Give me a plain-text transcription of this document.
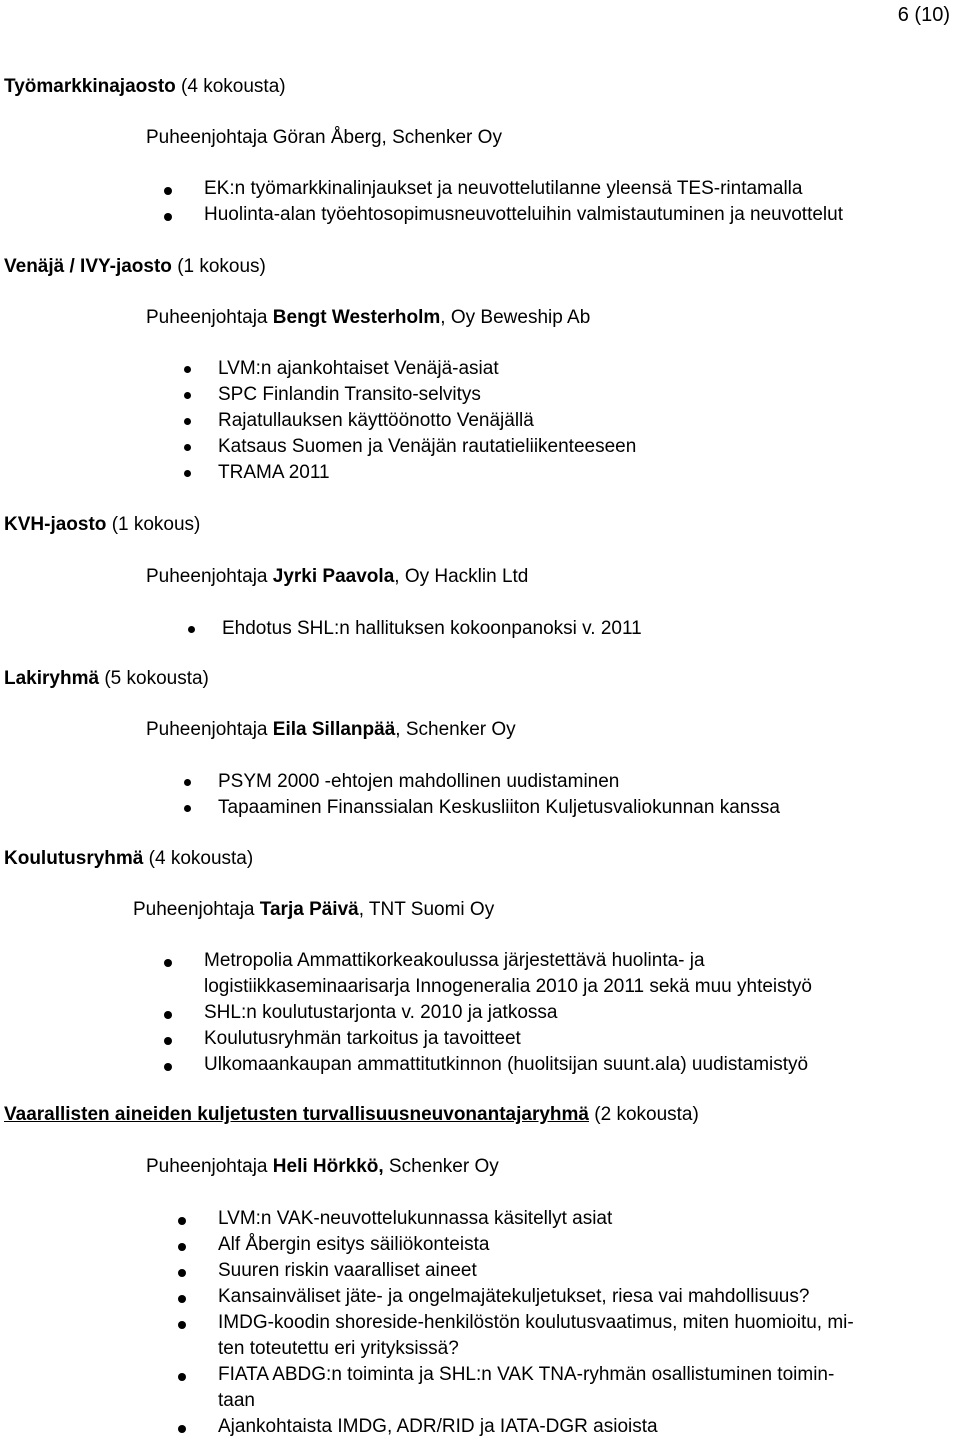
6 (10)
Työmarkkinajaosto (4 kokousta)
Puheenjohtaja Göran Åberg, Schenker Oy
EK:n työmarkkinalinjaukset ja neuvottelutilanne yleensä TES-rintamalla
Huolinta-alan työehtosopimusneuvotteluihin valmistautuminen ja neuvottelut
Venäjä / IVY-jaosto (1 kokous)
Puheenjohtaja Bengt Westerholm, Oy Beweship Ab
LVM:n ajankohtaiset Venäjä-asiat
SPC Finlandin Transito-selvitys
Rajatullauksen käyttöönotto Venäjällä
Katsaus Suomen ja Venäjän rautatieliikenteeseen
TRAMA 2011
KVH-jaosto (1 kokous)
Puheenjohtaja Jyrki Paavola, Oy Hacklin Ltd
Ehdotus SHL:n hallituksen kokoonpanoksi v. 2011
Lakiryhmä (5 kokousta)
Puheenjohtaja Eila Sillanpää, Schenker Oy
PSYM 2000 -ehtojen mahdollinen uudistaminen
Tapaaminen Finanssialan Keskusliiton Kuljetusvaliokunnan kanssa
Koulutusryhmä (4 kokousta)
Puheenjohtaja Tarja Päivä, TNT Suomi Oy
Metropolia Ammattikorkeakoulussa järjestettävä huolinta- ja
logistiikkaseminaarisarja Innogeneralia 2010 ja 2011 sekä muu yhteistyö
SHL:n koulutustarjonta v. 2010 ja jatkossa
Koulutusryhmän tarkoitus ja tavoitteet
Ulkomaankaupan ammattitutkinnon (huolitsijan suunt.ala) uudistamistyö
Vaarallisten aineiden kuljetusten turvallisuusneuvonantajaryhmä (2 kokousta)
Puheenjohtaja Heli Hörkkö, Schenker Oy
LVM:n VAK-neuvottelukunnassa käsitellyt asiat
Alf Åbergin esitys säiliökonteista
Suuren riskin vaaralliset aineet
Kansainväliset jäte- ja ongelmajätekuljetukset, riesa vai mahdollisuus?
IMDG-koodin shoreside-henkilöstön koulutusvaatimus, miten huomioitu, mi-
ten toteutettu eri yrityksissä?
FIATA ABDG:n toiminta ja SHL:n VAK TNA-ryhmän osallistuminen toimin-
taan
Ajankohtaista IMDG, ADR/RID ja IATA-DGR asioista
